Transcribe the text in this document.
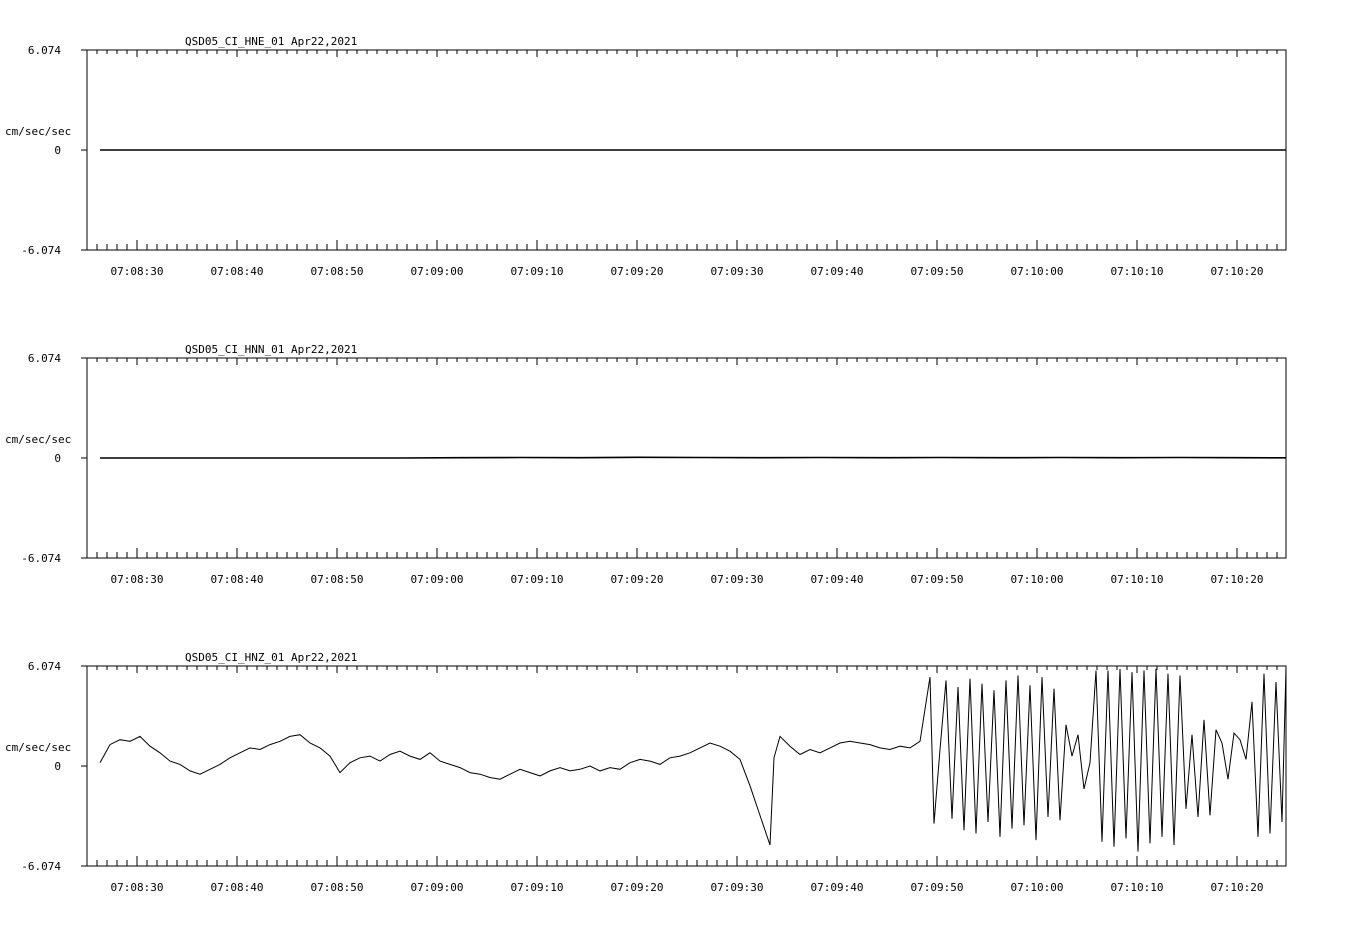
QSD05_CI_HNE_01 Apr22,2021
cm/sec/sec
6.074
0
-6.074
07:08:30	07:08:40	07:08:50	07:09:00	07:09:10	07:09:20	07:09:30	07:09:40	07:09:50	07:10:00	07:10:10	07:10:20
QSD05_CI_HNN_01 Apr22,2021
cm/sec/sec
6.074
0
-6.074
07:08:30	07:08:40	07:08:50	07:09:00	07:09:10	07:09:20	07:09:30	07:09:40	07:09:50	07:10:00	07:10:10	07:10:20
QSD05_CI_HNZ_01 Apr22,2021
cm/sec/sec
6.074
0
-6.074
07:08:30	07:08:40	07:08:50	07:09:00	07:09:10	07:09:20	07:09:30	07:09:40	07:09:50	07:10:00	07:10:10	07:10:20
